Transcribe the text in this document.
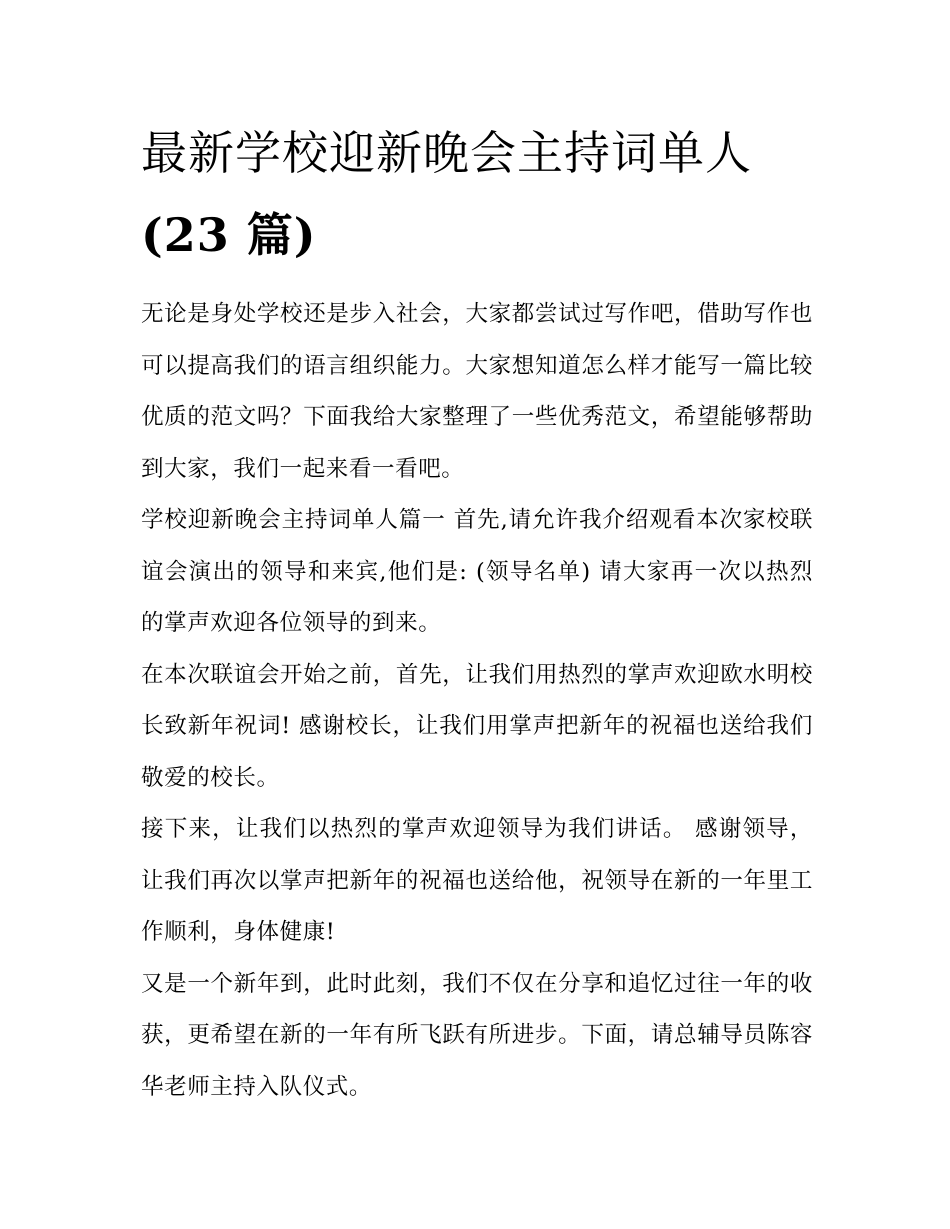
最新学校迎新晚会主持词单人
(23 篇)

无论是身处学校还是步入社会，大家都尝试过写作吧，借助写作也可以提高我们的语言组织能力。大家想知道怎么样才能写一篇比较优质的范文吗？下面我给大家整理了一些优秀范文，希望能够帮助到大家，我们一起来看一看吧。

学校迎新晚会主持词单人篇一 首先,请允许我介绍观看本次家校联谊会演出的领导和来宾,他们是: (领导名单) 请大家再一次以热烈的掌声欢迎各位领导的到来。

在本次联谊会开始之前，首先，让我们用热烈的掌声欢迎欧水明校长致新年祝词! 感谢校长，让我们用掌声把新年的祝福也送给我们敬爱的校长。

接下来，让我们以热烈的掌声欢迎领导为我们讲话。 感谢领导，让我们再次以掌声把新年的祝福也送给他，祝领导在新的一年里工作顺利，身体健康!

又是一个新年到，此时此刻，我们不仅在分享和追忆过往一年的收获，更希望在新的一年有所飞跃有所进步。下面，请总辅导员陈容华老师主持入队仪式。
